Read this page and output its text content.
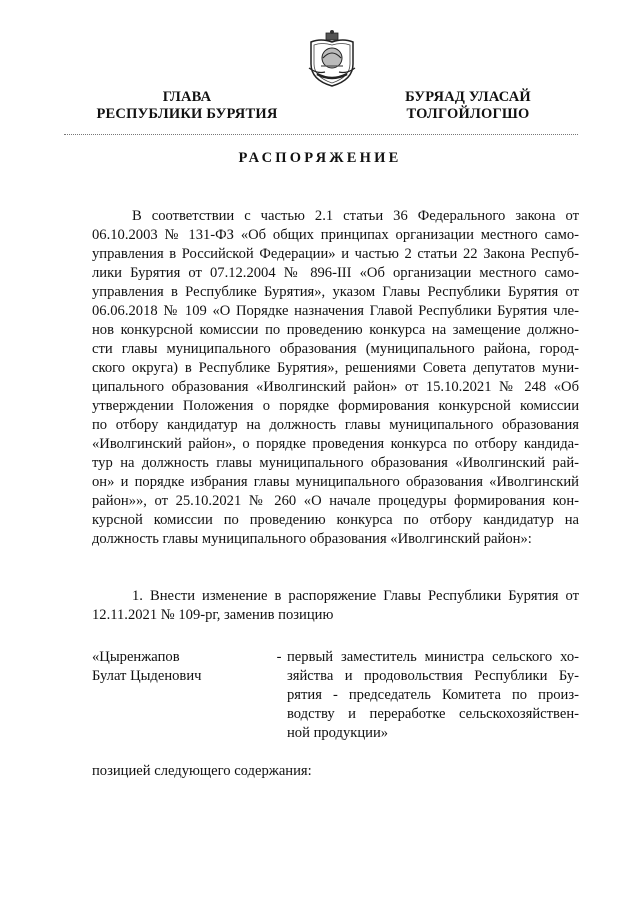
ГЛАВА
РЕСПУБЛИКИ БУРЯТИЯ
БУРЯАД УЛАСАЙ
ТОЛГОЙЛОГШО
РАСПОРЯЖЕНИЕ
В соответствии с частью 2.1 статьи 36 Федерального закона от
06.10.2003 № 131-ФЗ «Об общих принципах организации местного само-
управления в Российской Федерации» и частью 2 статьи 22 Закона Респуб-
лики Бурятия от 07.12.2004 № 896-III «Об организации местного само-
управления в Республике Бурятия», указом Главы Республики Бурятия от
06.06.2018 № 109 «О Порядке назначения Главой Республики Бурятия чле-
нов конкурсной комиссии по проведению конкурса на замещение должно-
сти главы муниципального образования (муниципального района, город-
ского округа) в Республике Бурятия», решениями Совета депутатов муни-
ципального образования «Иволгинский район» от 15.10.2021 № 248 «Об
утверждении Положения о порядке формирования конкурсной комиссии
по отбору кандидатур на должность главы муниципального образования
«Иволгинский район», о порядке проведения конкурса по отбору кандида-
тур на должность главы муниципального образования «Иволгинский рай-
он» и порядке избрания главы муниципального образования «Иволгинский
район»», от 25.10.2021 № 260 «О начале процедуры формирования кон-
курсной комиссии по проведению конкурса по отбору кандидатур на
должность главы муниципального образования «Иволгинский район»:
1. Внести изменение в распоряжение Главы Республики Бурятия от
12.11.2021 № 109-рг, заменив позицию
«Цыренжапов
Булат Цыденович
- первый заместитель министра сельского хо-
зяйства и продовольствия Республики Бу-
рятия - председатель Комитета по произ-
водству и переработке сельскохозяйствен-
ной продукции»
позицией следующего содержания:
